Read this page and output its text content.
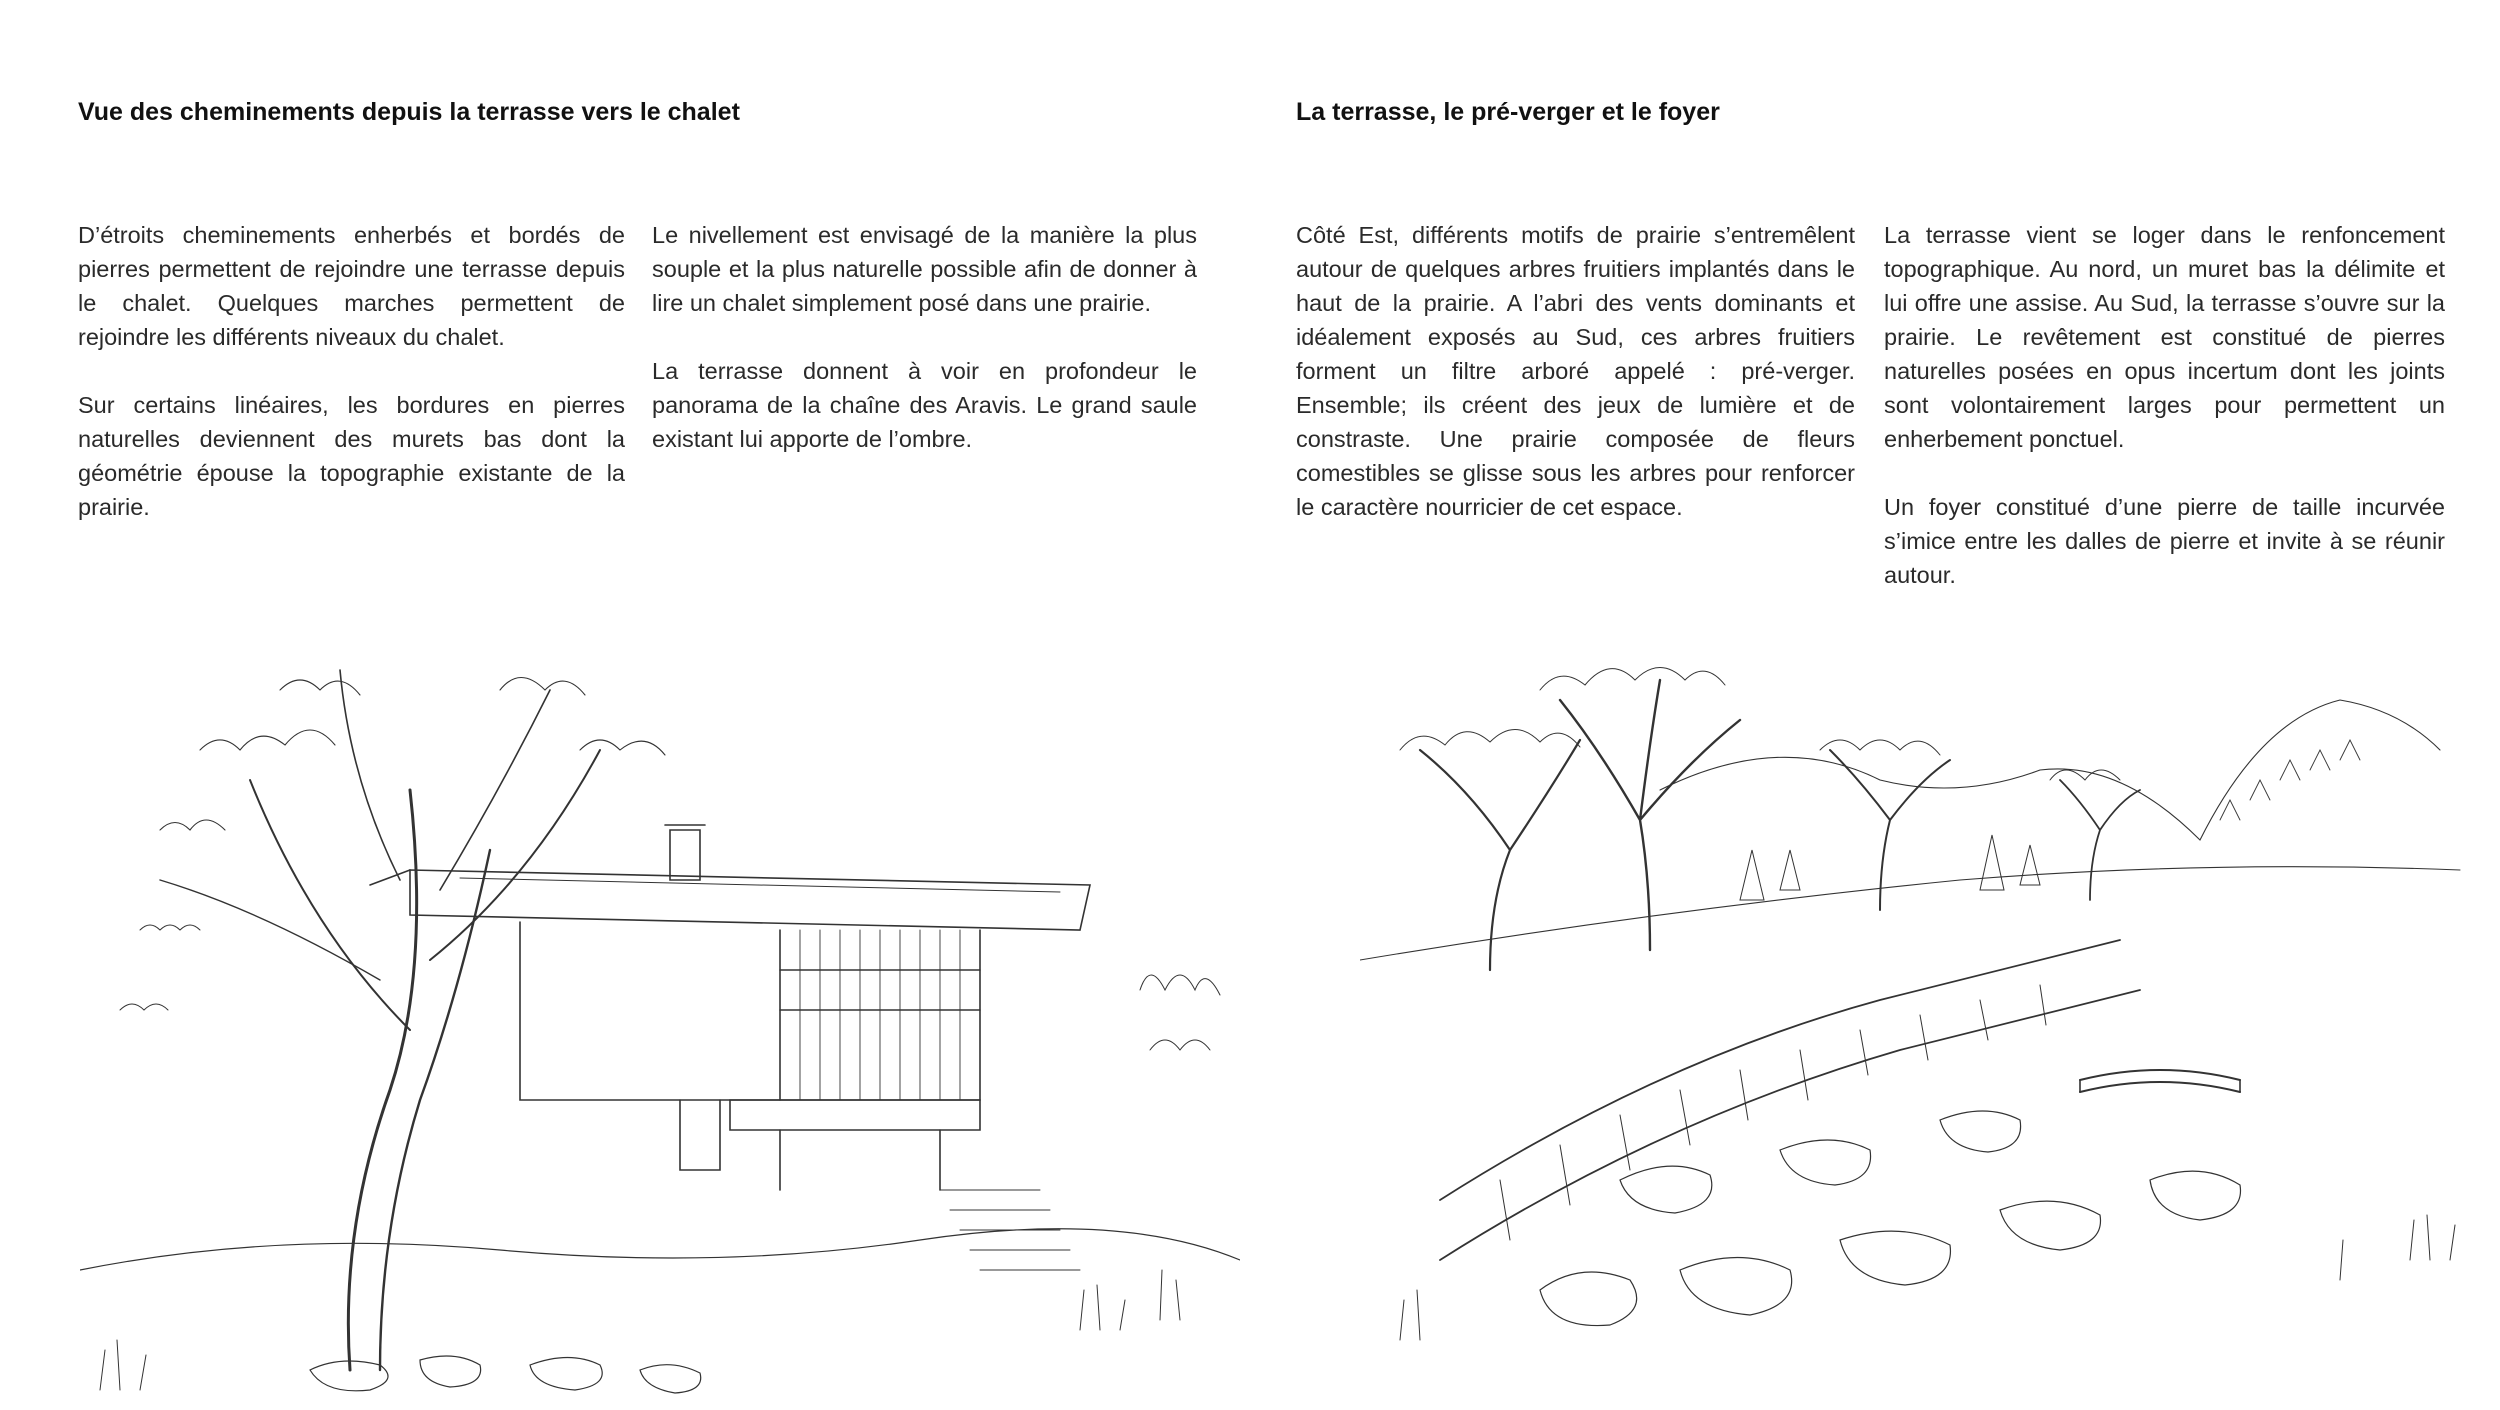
Vue des cheminements depuis la terrasse vers le chalet

D’étroits cheminements enherbés et bordés de pierres permettent de rejoindre une terrasse depuis le chalet. Quelques marches permettent de rejoindre les différents niveaux du chalet.

Sur certains linéaires, les bordures en pierres naturelles deviennent des murets bas dont la géométrie épouse la topographie existante de la prairie.

Le nivellement est envisagé de la manière la plus souple et la plus naturelle possible afin de donner à lire un chalet simplement posé dans une prairie.

La terrasse donnent à voir en profondeur le panorama de la chaîne des Aravis. Le grand saule existant lui apporte de l’ombre.

La terrasse, le pré-verger et le foyer

Côté Est, différents motifs de prairie s’entremêlent autour de quelques arbres fruitiers implantés dans le haut de la prairie. A l’abri des vents dominants et idéalement exposés au Sud, ces arbres fruitiers forment un filtre arboré appelé : pré-verger. Ensemble; ils créent des jeux de lumière et de constraste. Une prairie composée de fleurs comestibles se glisse sous les arbres pour renforcer le caractère nourricier de cet espace.

La terrasse vient se loger dans le renfoncement topographique. Au nord, un muret bas la délimite et lui offre une assise. Au Sud, la terrasse s’ouvre sur la prairie. Le revêtement est constitué de pierres naturelles posées en opus incertum dont les joints sont volontairement larges pour permettent un enherbement ponctuel.

Un foyer constitué d’une pierre de taille incurvée s’imice entre les dalles de pierre et invite à se réunir autour.
